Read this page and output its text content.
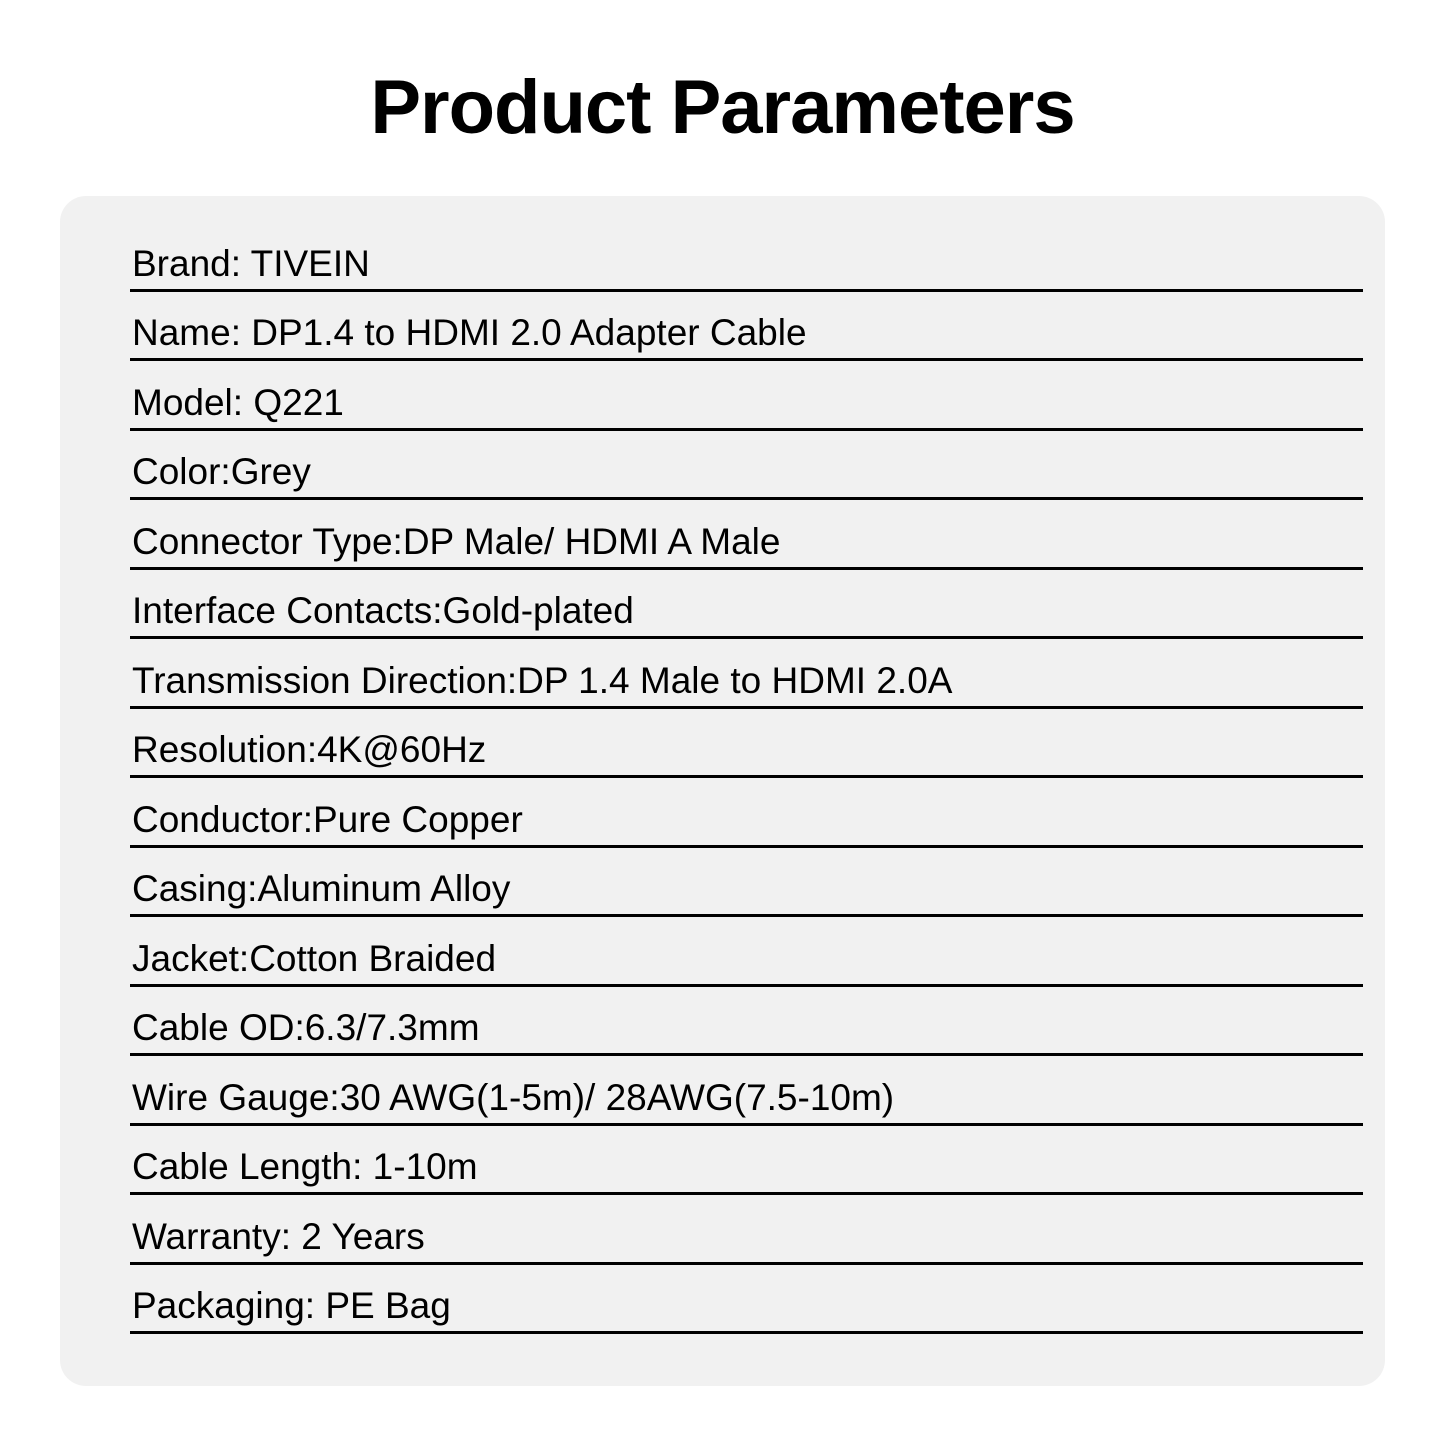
Product Parameters
Brand: TIVEIN
Name: DP1.4 to HDMI 2.0 Adapter Cable
Model: Q221
Color:Grey
Connector Type:DP Male/ HDMI A Male
Interface Contacts:Gold-plated
Transmission Direction:DP 1.4 Male to HDMI 2.0A
Resolution:4K@60Hz
Conductor:Pure Copper
Casing:Aluminum Alloy
Jacket:Cotton Braided
Cable OD:6.3/7.3mm
Wire Gauge:30 AWG(1-5m)/ 28AWG(7.5-10m)
Cable Length: 1-10m
Warranty: 2 Years
Packaging: PE Bag
